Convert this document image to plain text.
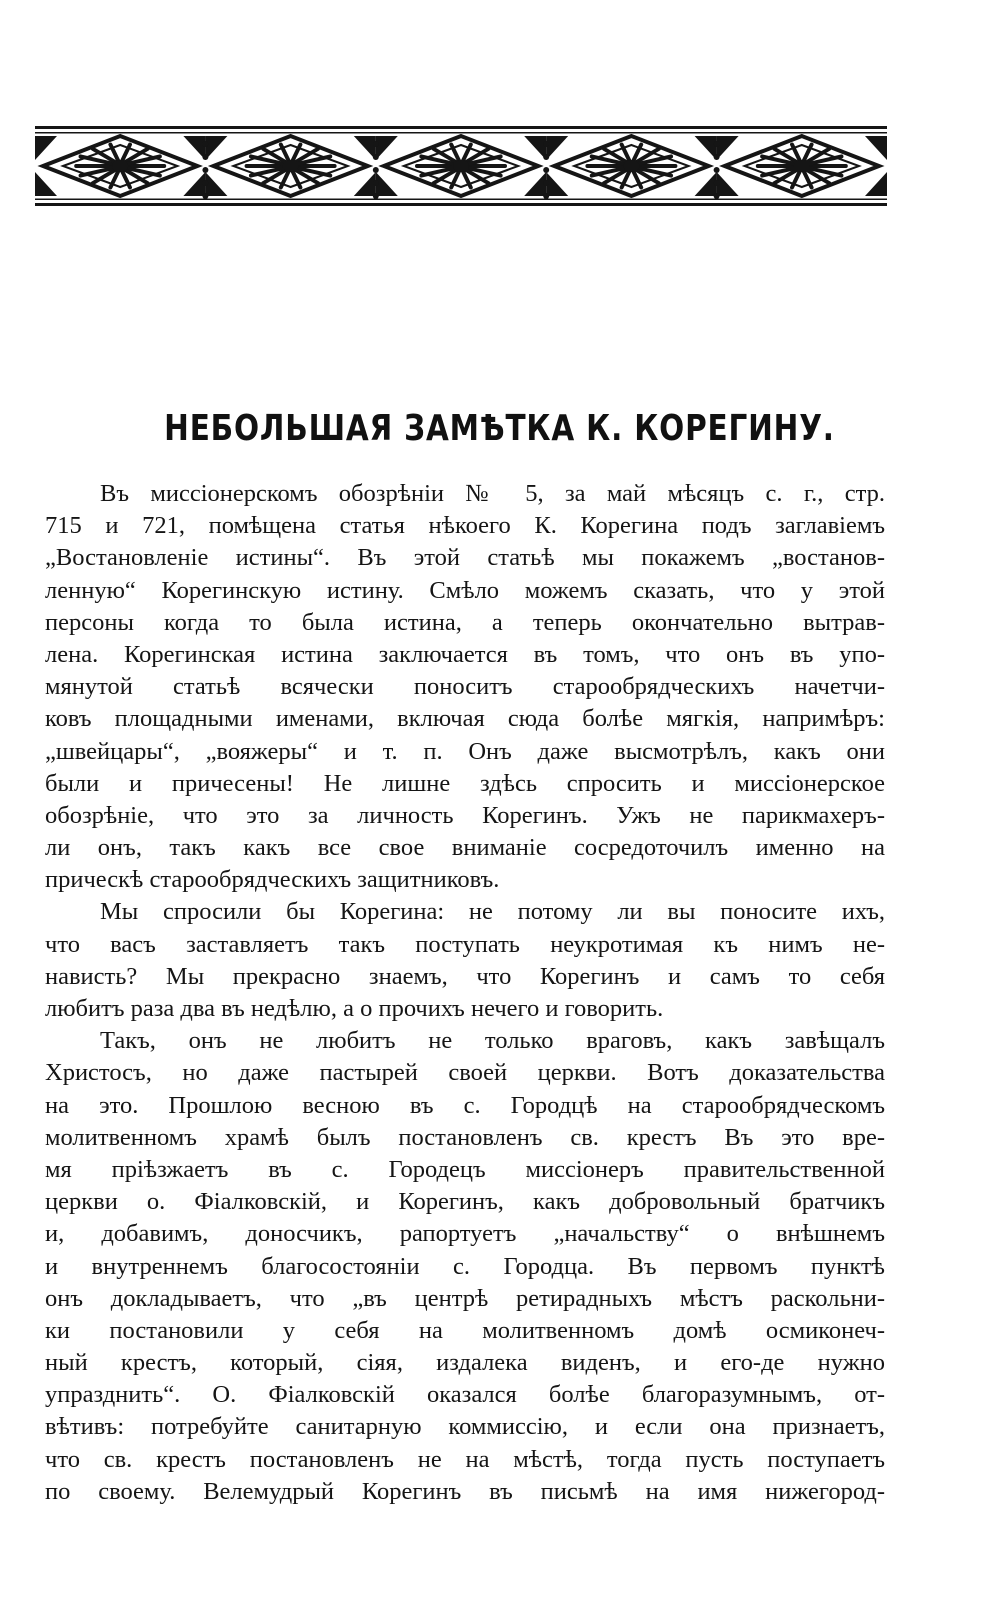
НЕБОЛЬШАЯ ЗАМѢТКА К. КОРЕГИНУ.
Въ миссіонерскомъ обозрѣніи № 5, за май мѣсяцъ с. г., стр.
715 и 721, помѣщена статья нѣкоего К. Корегина подъ заглавіемъ
„Востановленіе истины“. Въ этой статьѣ мы покажемъ „востанов-
ленную“ Корегинскую истину. Смѣло можемъ сказать, что у этой
персоны когда то была истина, а теперь окончательно вытрав-
лена. Корегинская истина заключается въ томъ, что онъ въ упо-
мянутой статьѣ всячески поноситъ старообрядческихъ начетчи-
ковъ площадными именами, включая сюда болѣе мягкія, напримѣръ:
„швейцары“, „вояжеры“ и т. п. Онъ даже высмотрѣлъ, какъ они
были и причесены! Не лишне здѣсь спросить и миссіонерское
обозрѣніе, что это за личность Корегинъ. Ужъ не парикмахеръ-
ли онъ, такъ какъ все свое вниманіе сосредоточилъ именно на
прическѣ старообрядческихъ защитниковъ.
Мы спросили бы Корегина: не потому ли вы поносите ихъ,
что васъ заставляетъ такъ поступать неукротимая къ нимъ не-
нависть? Мы прекрасно знаемъ, что Корегинъ и самъ то себя
любитъ раза два въ недѣлю, а о прочихъ нечего и говорить.
Такъ, онъ не любитъ не только враговъ, какъ завѣщалъ
Христосъ, но даже пастырей своей церкви. Вотъ доказательства
на это. Прошлою весною въ с. Городцѣ на старообрядческомъ
молитвенномъ храмѣ былъ постановленъ св. крестъ Въ это вре-
мя пріѣзжаетъ въ с. Городецъ миссіонеръ правительственной
церкви о. Фіалковскій, и Корегинъ, какъ добровольный братчикъ
и, добавимъ, доносчикъ, рапортуетъ „начальству“ о внѣшнемъ
и внутреннемъ благосостояніи с. Городца. Въ первомъ пунктѣ
онъ докладываетъ, что „въ центрѣ ретирадныхъ мѣстъ раскольни-
ки постановили у себя на молитвенномъ домѣ осмиконеч-
ный крестъ, который, сіяя, издалека виденъ, и его-де нужно
упразднить“. О. Фіалковскій оказался болѣе благоразумнымъ, от-
вѣтивъ: потребуйте санитарную коммиссію, и если она признаетъ,
что св. крестъ постановленъ не на мѣстѣ, тогда пусть поступаетъ
по своему. Велемудрый Корегинъ въ письмѣ на имя нижегород-
